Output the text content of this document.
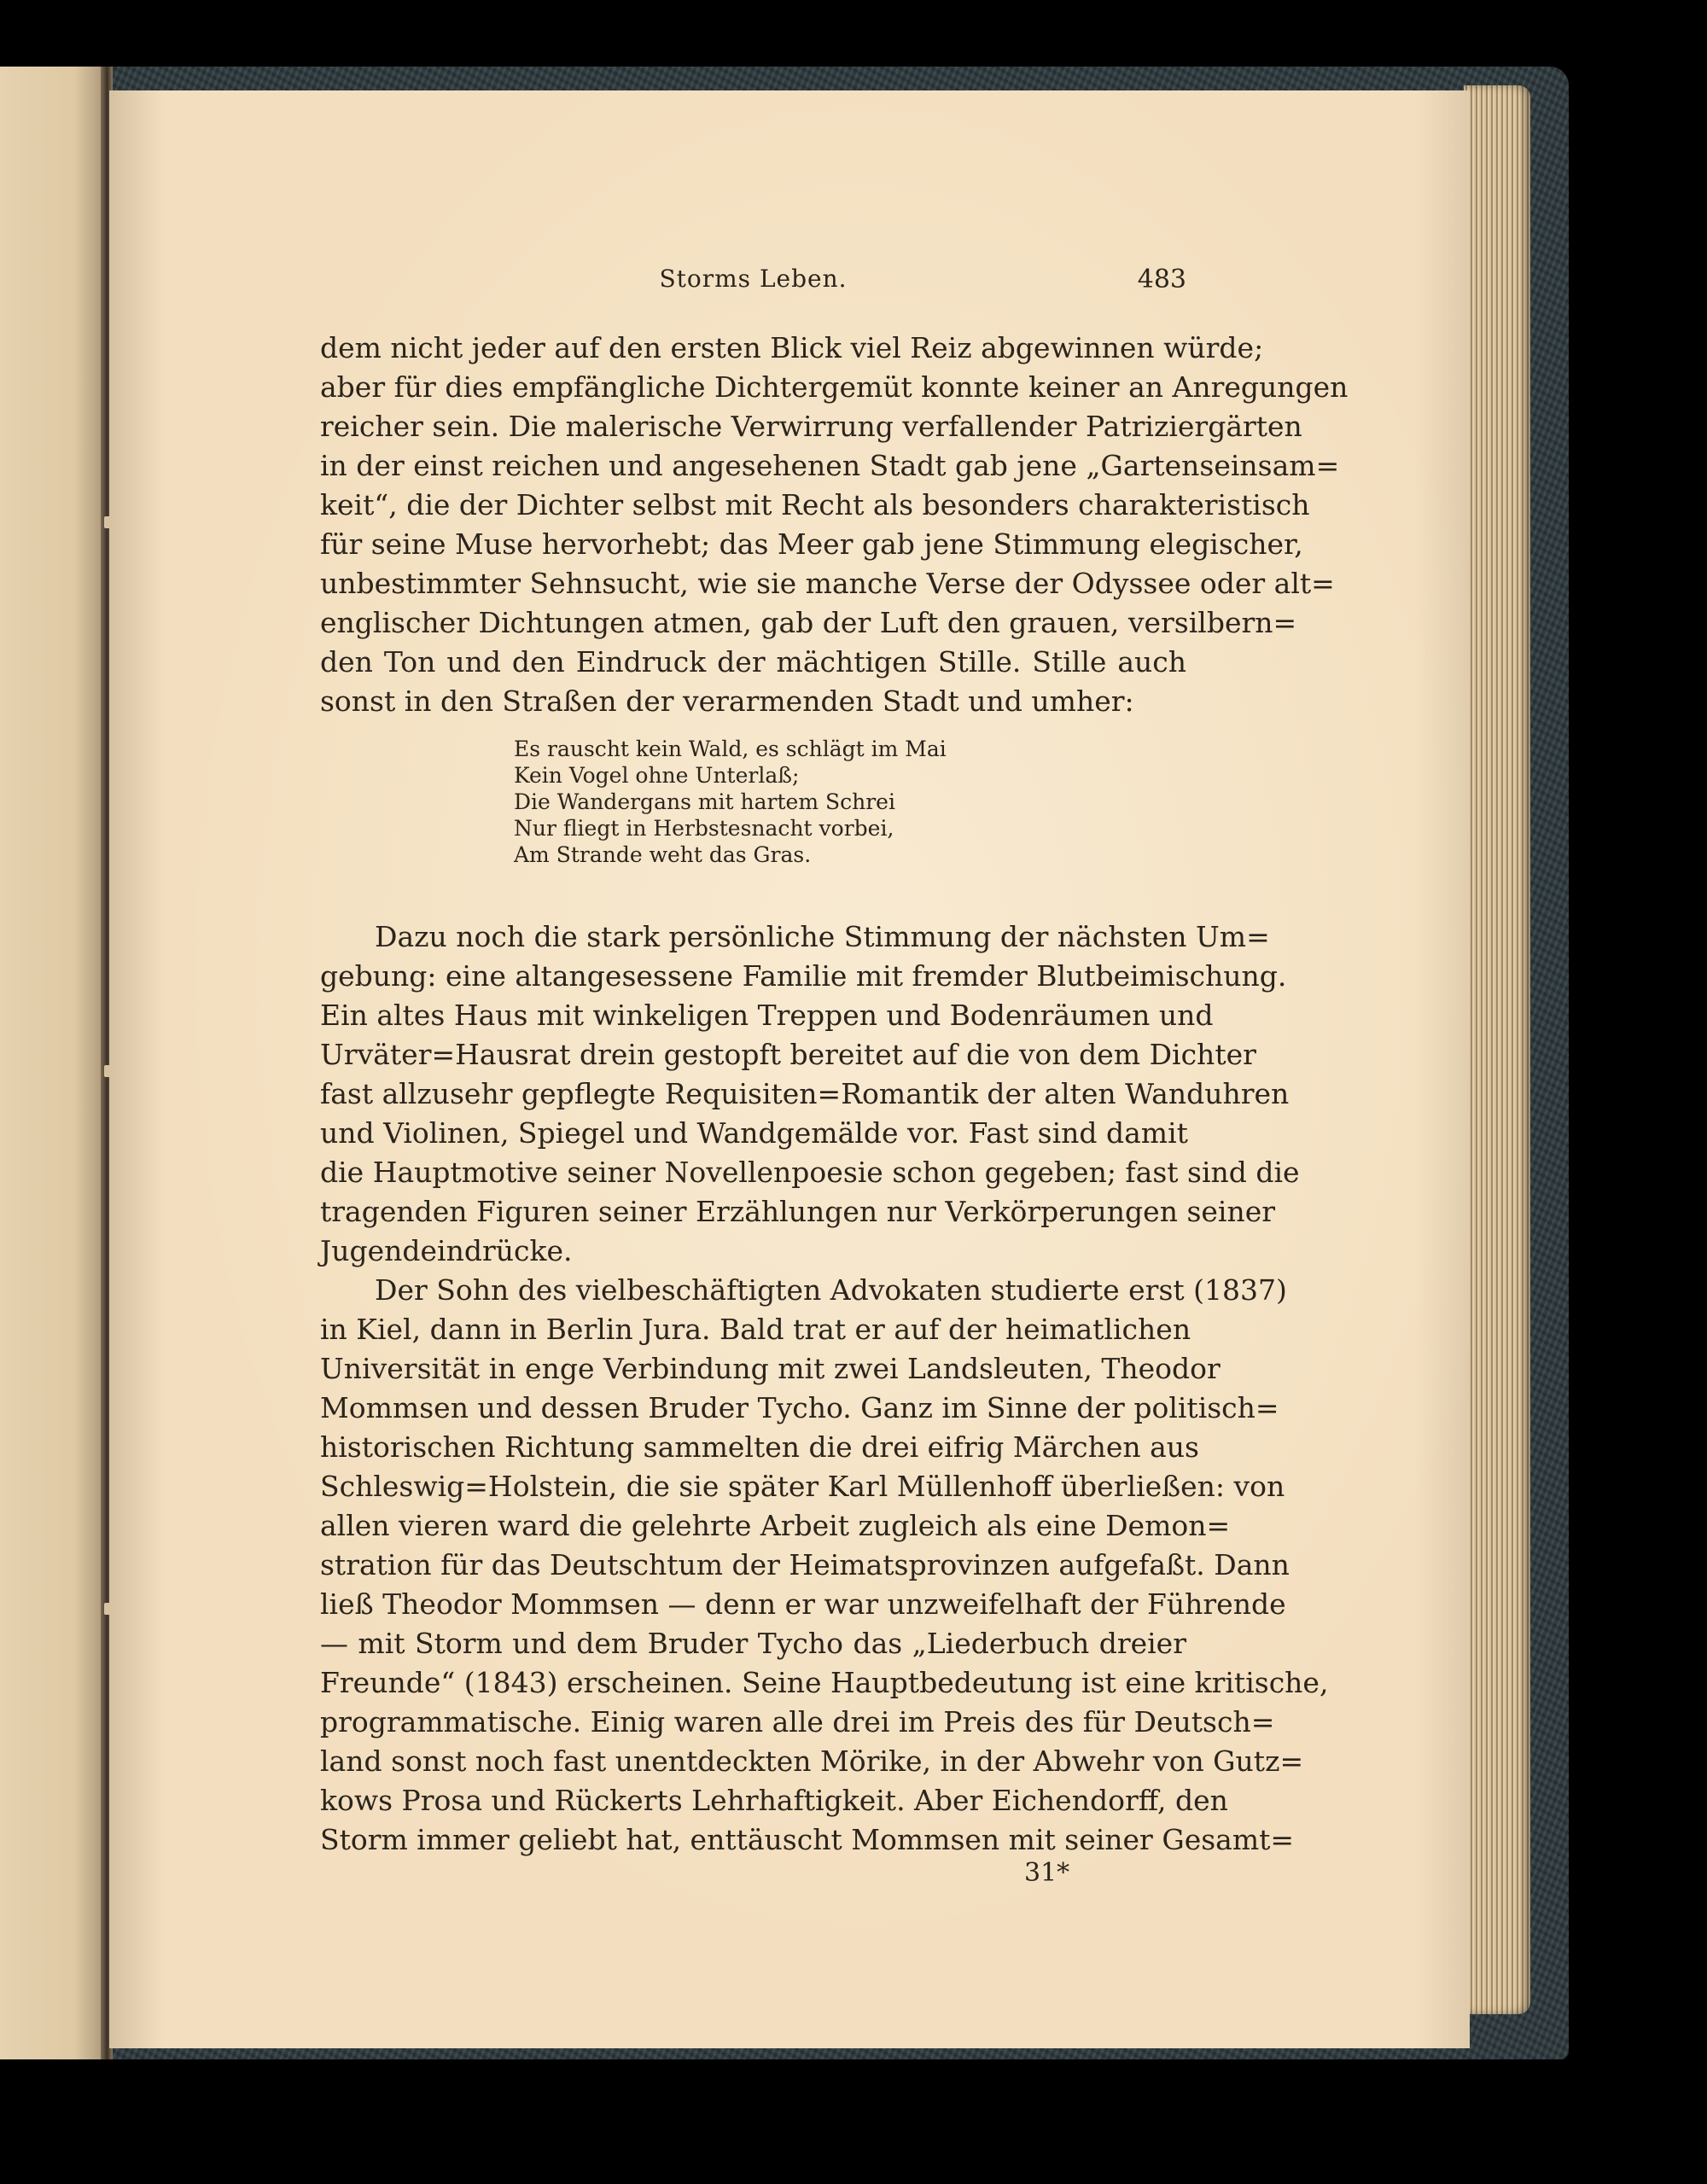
Storms Leben.	483
dem nicht jeder auf den ersten Blick viel Reiz abgewinnen würde;
aber für dies empfängliche Dichtergemüt konnte keiner an Anregungen
reicher sein. Die malerische Verwirrung verfallender Patriziergärten
in der einst reichen und angesehenen Stadt gab jene „Gartenseinsam=
keit“, die der Dichter selbst mit Recht als besonders charakteristisch
für seine Muse hervorhebt; das Meer gab jene Stimmung elegischer,
unbestimmter Sehnsucht, wie sie manche Verse der Odyssee oder alt=
englischer Dichtungen atmen, gab der Luft den grauen, versilbern=
den Ton und den Eindruck der mächtigen Stille. Stille auch
sonst in den Straßen der verarmenden Stadt und umher:
Es rauscht kein Wald, es schlägt im Mai
Kein Vogel ohne Unterlaß;
Die Wandergans mit hartem Schrei
Nur fliegt in Herbstesnacht vorbei,
Am Strande weht das Gras.
Dazu noch die stark persönliche Stimmung der nächsten Um=
gebung: eine altangesessene Familie mit fremder Blutbeimischung.
Ein altes Haus mit winkeligen Treppen und Bodenräumen und
Urväter=Hausrat drein gestopft bereitet auf die von dem Dichter
fast allzusehr gepflegte Requisiten=Romantik der alten Wanduhren
und Violinen, Spiegel und Wandgemälde vor. Fast sind damit
die Hauptmotive seiner Novellenpoesie schon gegeben; fast sind die
tragenden Figuren seiner Erzählungen nur Verkörperungen seiner
Jugendeindrücke.
Der Sohn des vielbeschäftigten Advokaten studierte erst (1837)
in Kiel, dann in Berlin Jura. Bald trat er auf der heimatlichen
Universität in enge Verbindung mit zwei Landsleuten, Theodor
Mommsen und dessen Bruder Tycho. Ganz im Sinne der politisch=
historischen Richtung sammelten die drei eifrig Märchen aus
Schleswig=Holstein, die sie später Karl Müllenhoff überließen: von
allen vieren ward die gelehrte Arbeit zugleich als eine Demon=
stration für das Deutschtum der Heimatsprovinzen aufgefaßt. Dann
ließ Theodor Mommsen — denn er war unzweifelhaft der Führende
— mit Storm und dem Bruder Tycho das „Liederbuch dreier
Freunde“ (1843) erscheinen. Seine Hauptbedeutung ist eine kritische,
programmatische. Einig waren alle drei im Preis des für Deutsch=
land sonst noch fast unentdeckten Mörike, in der Abwehr von Gutz=
kows Prosa und Rückerts Lehrhaftigkeit. Aber Eichendorff, den
Storm immer geliebt hat, enttäuscht Mommsen mit seiner Gesamt=
31*
